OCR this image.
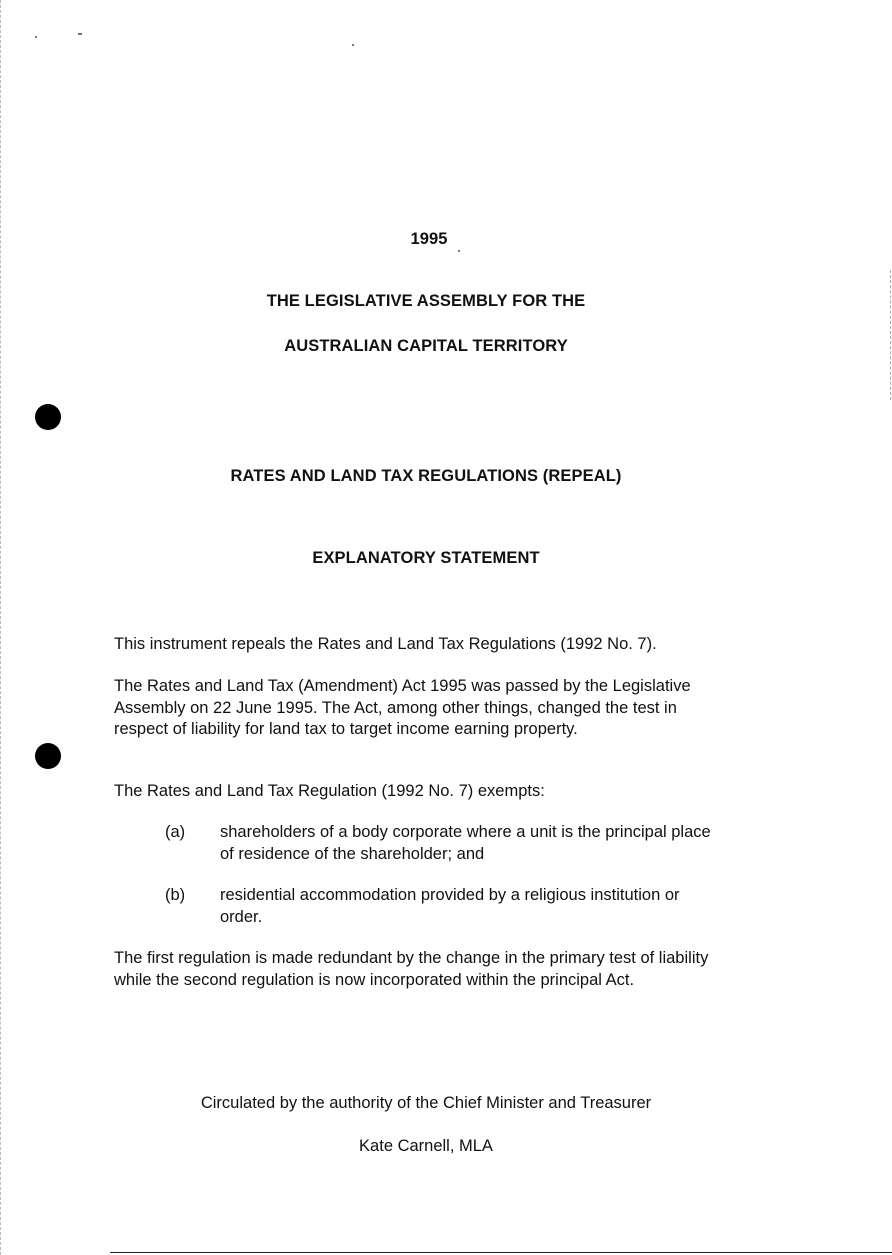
1995
THE LEGISLATIVE ASSEMBLY FOR THE
AUSTRALIAN CAPITAL TERRITORY
RATES AND LAND TAX REGULATIONS (REPEAL)
EXPLANATORY STATEMENT
This instrument repeals the Rates and Land Tax Regulations (1992 No. 7).
The Rates and Land Tax (Amendment) Act 1995 was passed by the Legislative Assembly on 22 June 1995. The Act, among other things, changed the test in respect of liability for land tax to target income earning property.
The Rates and Land Tax Regulation (1992 No. 7) exempts:
(a) shareholders of a body corporate where a unit is the principal place of residence of the shareholder; and
(b) residential accommodation provided by a religious institution or order.
The first regulation is made redundant by the change in the primary test of liability while the second regulation is now incorporated within the principal Act.
Circulated by the authority of the Chief Minister and Treasurer
Kate Carnell, MLA
